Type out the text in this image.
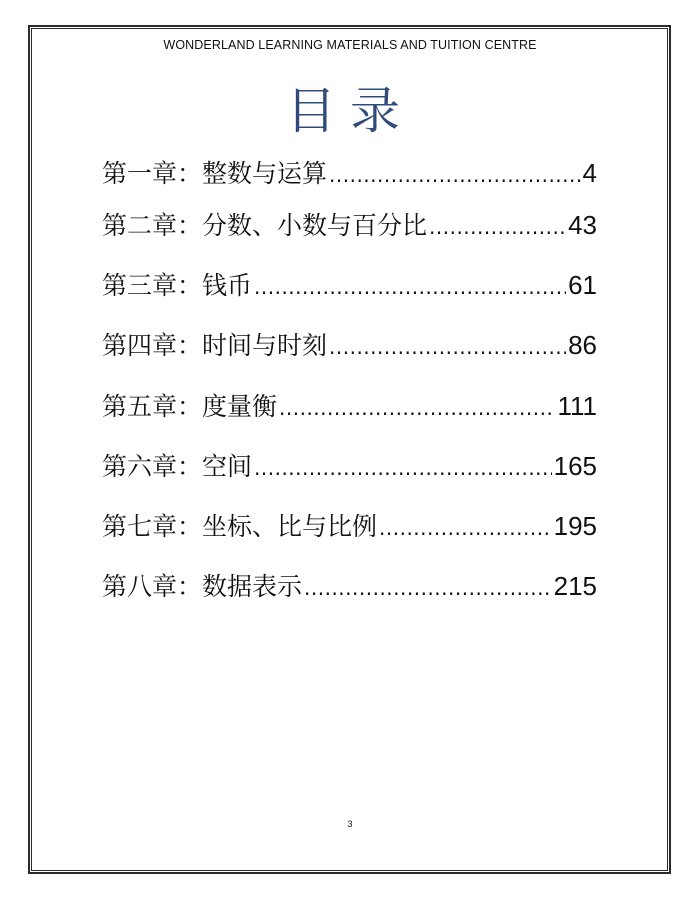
WONDERLAND LEARNING MATERIALS AND TUITION CENTRE
目录
第一章：整数与运算 .....	4
第二章：分数、小数与百分比 .....	43
第三章：钱币 .....	61
第四章：时间与时刻 .....	86
第五章：度量衡 .....	111
第六章：空间 .....	165
第七章：坐标、比与比例 .....	195
第八章：数据表示 .....	215
3
